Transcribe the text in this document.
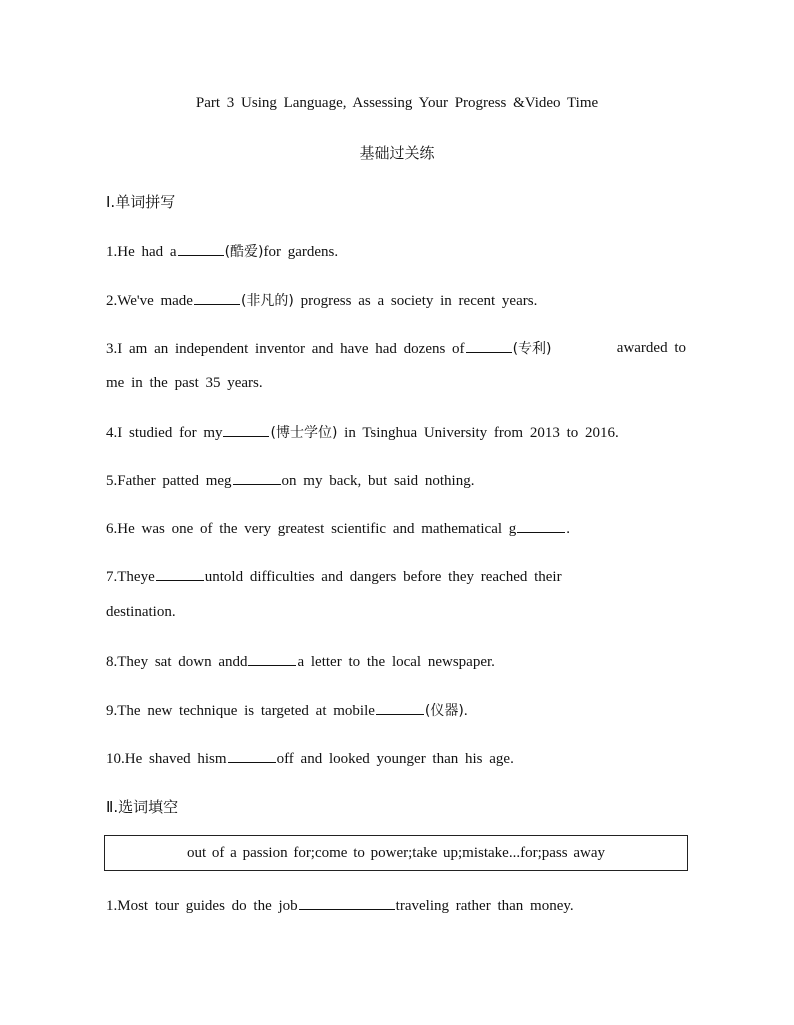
Part 3 Using Language, Assessing Your Progress &Video Time
基础过关练
Ⅰ.单词拼写
1.He had a	(酷爱)for gardens.
2.We've made	(非凡的) progress as a society in recent years.
3.I am an independent inventor and have had dozens of	(专利)	awarded to
me in the past 35 years.
4.I studied for my	(博士学位) in Tsinghua University from 2013 to 2016.
5.Father patted meg	on my back, but said nothing.
6.He was one of the very greatest scientific and mathematical g	.
7.Theye	untold difficulties and dangers before they reached their
destination.
8.They sat down andd	a letter to the local newspaper.
9.The new technique is targeted at mobile	(仪器).
10.He shaved hism	off and looked younger than his age.
Ⅱ.选词填空
out of a passion for;come to power;take up;mistake...for;pass away
1.Most tour guides do the job	traveling rather than money.
